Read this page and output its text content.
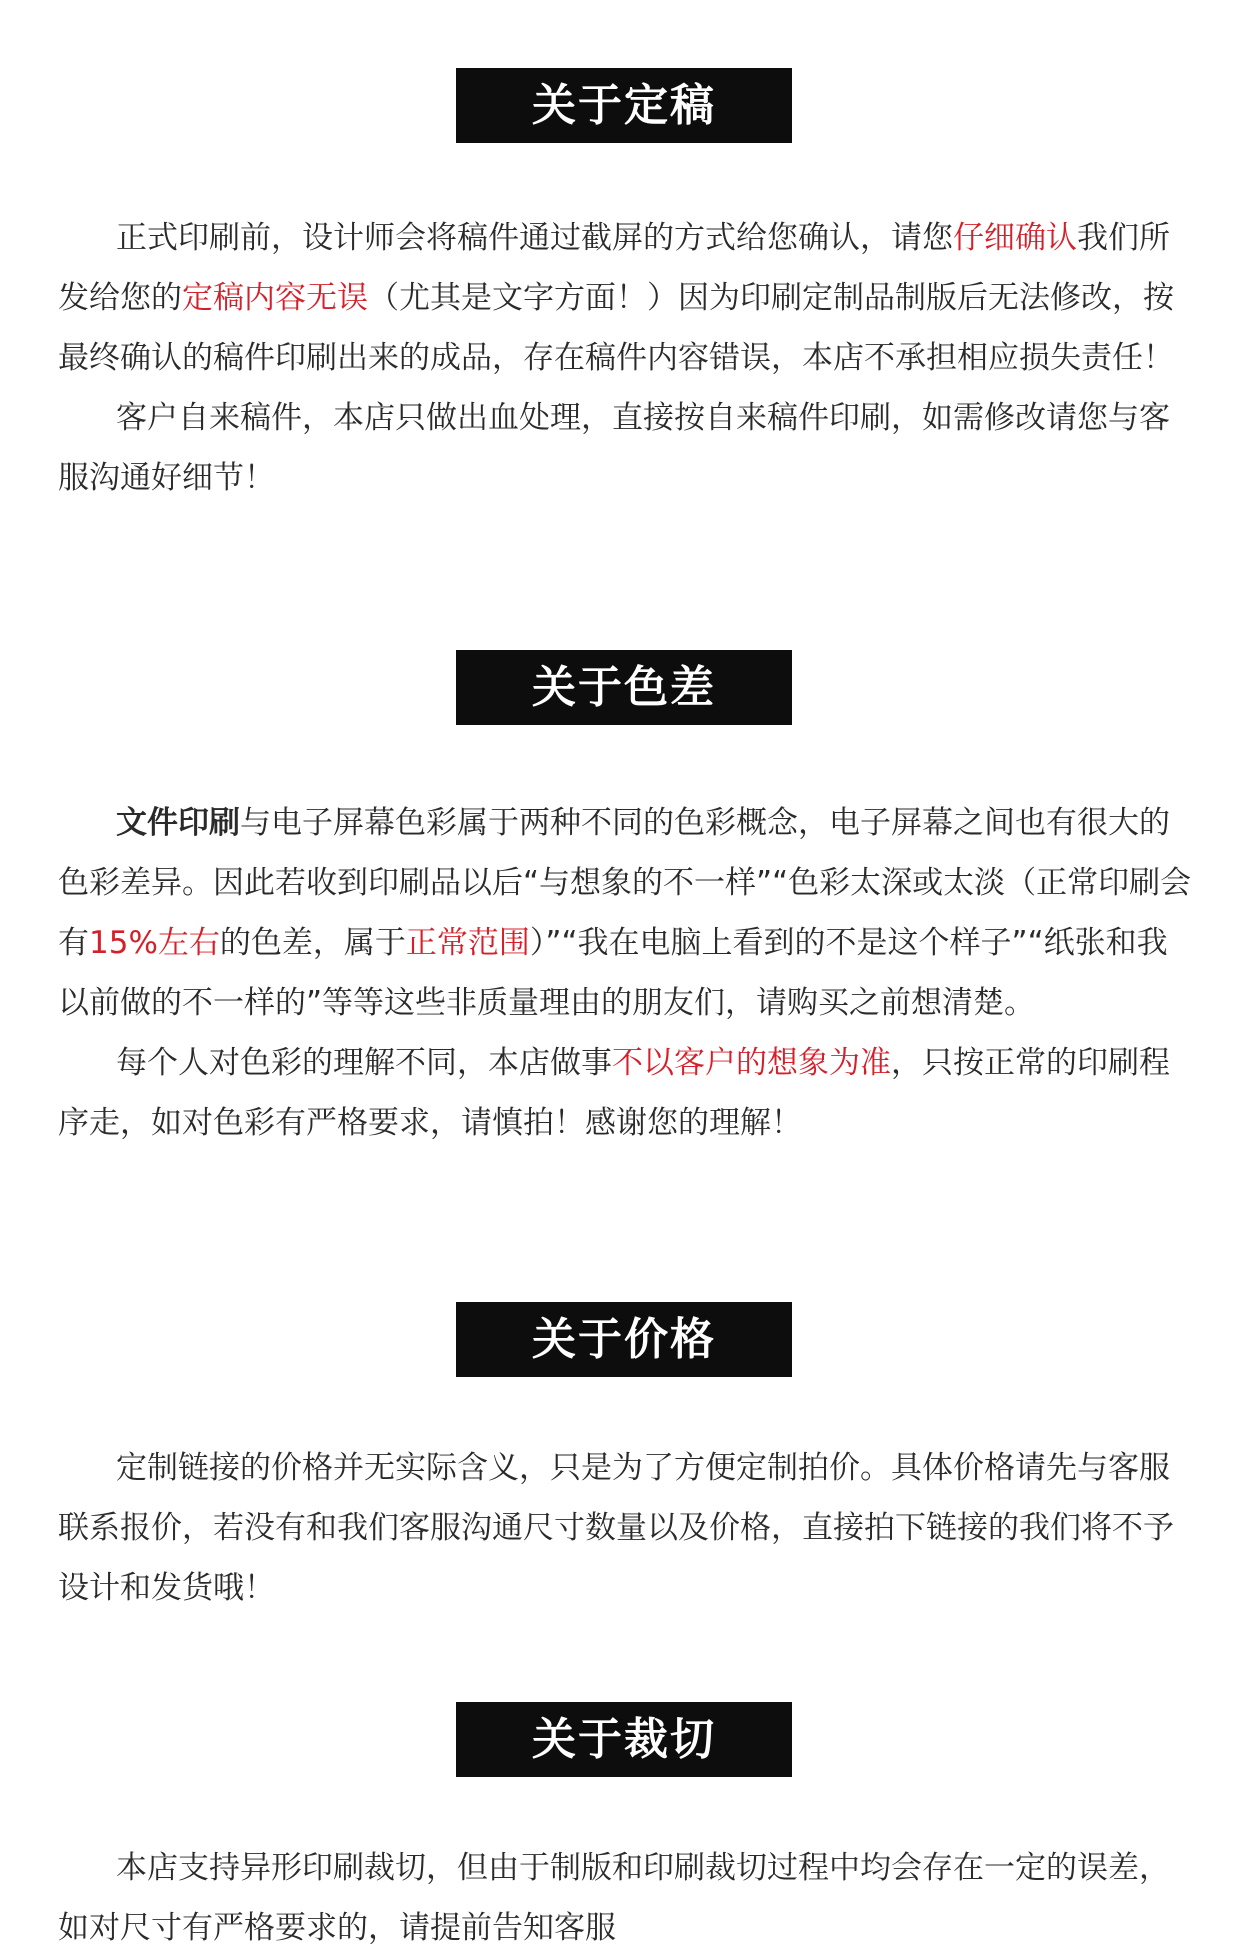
关于定稿

正式印刷前，设计师会将稿件通过截屏的方式给您确认，请您仔细确认我们所发给您的定稿内容无误（尤其是文字方面！）因为印刷定制品制版后无法修改，按最终确认的稿件印刷出来的成品，存在稿件内容错误，本店不承担相应损失责任！

客户自来稿件，本店只做出血处理，直接按自来稿件印刷，如需修改请您与客服沟通好细节！

关于色差

文件印刷与电子屏幕色彩属于两种不同的色彩概念，电子屏幕之间也有很大的色彩差异。因此若收到印刷品以后“与想象的不一样”“色彩太深或太淡（正常印刷会有15%左右的色差，属于正常范围）”“我在电脑上看到的不是这个样子”“纸张和我以前做的不一样的”等等这些非质量理由的朋友们，请购买之前想清楚。

每个人对色彩的理解不同，本店做事不以客户的想象为准，只按正常的印刷程序走，如对色彩有严格要求，请慎拍！感谢您的理解！

关于价格

定制链接的价格并无实际含义，只是为了方便定制拍价。具体价格请先与客服联系报价，若没有和我们客服沟通尺寸数量以及价格，直接拍下链接的我们将不予设计和发货哦！

关于裁切

本店支持异形印刷裁切，但由于制版和印刷裁切过程中均会存在一定的误差，如对尺寸有严格要求的，请提前告知客服
